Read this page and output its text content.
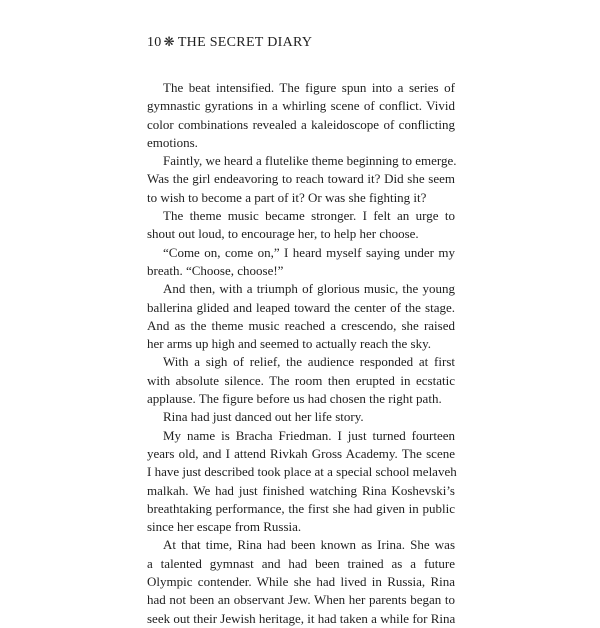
10 ❋ THE SECRET DIARY
The beat intensified. The figure spun into a series of
gymnastic gyrations in a whirling scene of conflict. Vivid
color combinations revealed a kaleidoscope of conflicting
emotions.
Faintly, we heard a flutelike theme beginning to emerge.
Was the girl endeavoring to reach toward it? Did she seem
to wish to become a part of it? Or was she fighting it?
The theme music became stronger. I felt an urge to
shout out loud, to encourage her, to help her choose.
“Come on, come on,” I heard myself saying under my
breath. “Choose, choose!”
And then, with a triumph of glorious music, the young
ballerina glided and leaped toward the center of the stage.
And as the theme music reached a crescendo, she raised
her arms up high and seemed to actually reach the sky.
With a sigh of relief, the audience responded at first
with absolute silence. The room then erupted in ecstatic
applause. The figure before us had chosen the right path.
Rina had just danced out her life story.
My name is Bracha Friedman. I just turned fourteen
years old, and I attend Rivkah Gross Academy. The scene
I have just described took place at a special school melaveh
malkah. We had just finished watching Rina Koshevski’s
breathtaking performance, the first she had given in public
since her escape from Russia.
At that time, Rina had been known as Irina. She was
a talented gymnast and had been trained as a future
Olympic contender. While she had lived in Russia, Rina
had not been an observant Jew. When her parents began to
seek out their Jewish heritage, it had taken a while for Rina
